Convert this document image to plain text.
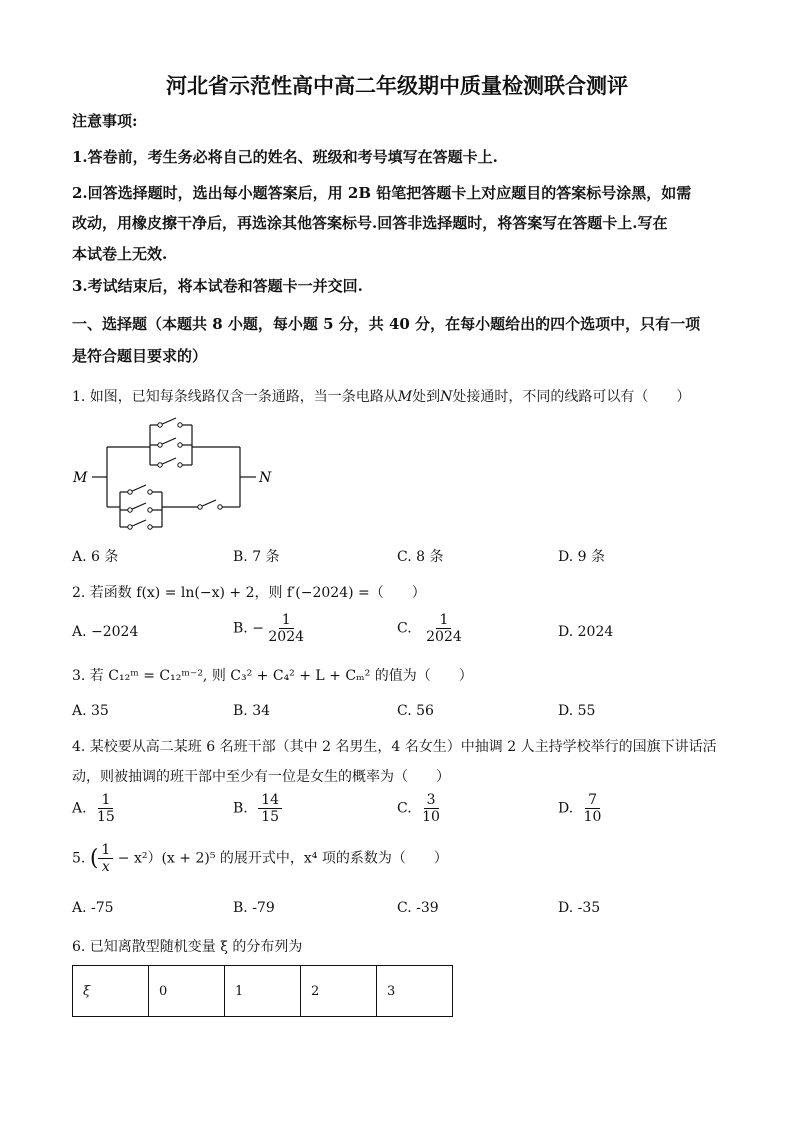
河北省示范性高中高二年级期中质量检测联合测评
注意事项:
1.答卷前，考生务必将自己的姓名、班级和考号填写在答题卡上.
2.回答选择题时，选出每小题答案后，用 2B 铅笔把答题卡上对应题目的答案标号涂黑，如需
改动，用橡皮擦干净后，再选涂其他答案标号.回答非选择题时，将答案写在答题卡上.写在
本试卷上无效.
3.考试结束后，将本试卷和答题卡一并交回.
一、选择题（本题共 8 小题，每小题 5 分，共 40 分，在每小题给出的四个选项中，只有一项
是符合题目要求的）
1. 如图，已知每条线路仅含一条通路，当一条电路从M处到N处接通时，不同的线路可以有（　　）
M	N
A. 6 条	B. 7 条	C. 8 条	D. 9 条
2. 若函数 f(x) = ln(−x) + 2，则 f′(−2024) =（　　）
A. −2024	B. − $\frac{1}{2024}$	C. $\frac{1}{2024}$	D. 2024
3. 若 C₁₂ᵐ = C₁₂ᵐ⁻², 则 C₃² + C₄² + L + Cₘ² 的值为（　　）
A. 35	B. 34	C. 56	D. 55
4. 某校要从高二某班 6 名班干部（其中 2 名男生，4 名女生）中抽调 2 人主持学校举行的国旗下讲话活
动，则被抽调的班干部中至少有一位是女生的概率为（　　）
A. $\frac{1}{15}$	B. $\frac{14}{15}$	C. $\frac{3}{10}$	D. $\frac{7}{10}$
5. ( $\frac{1}{x} - x^2)(x + 2)^5$ 的展开式中，x⁴ 项的系数为（　　）
A. -75	B. -79	C. -39	D. -35
6. 已知离散型随机变量 ξ 的分布列为
ξ	0	1	2	3
